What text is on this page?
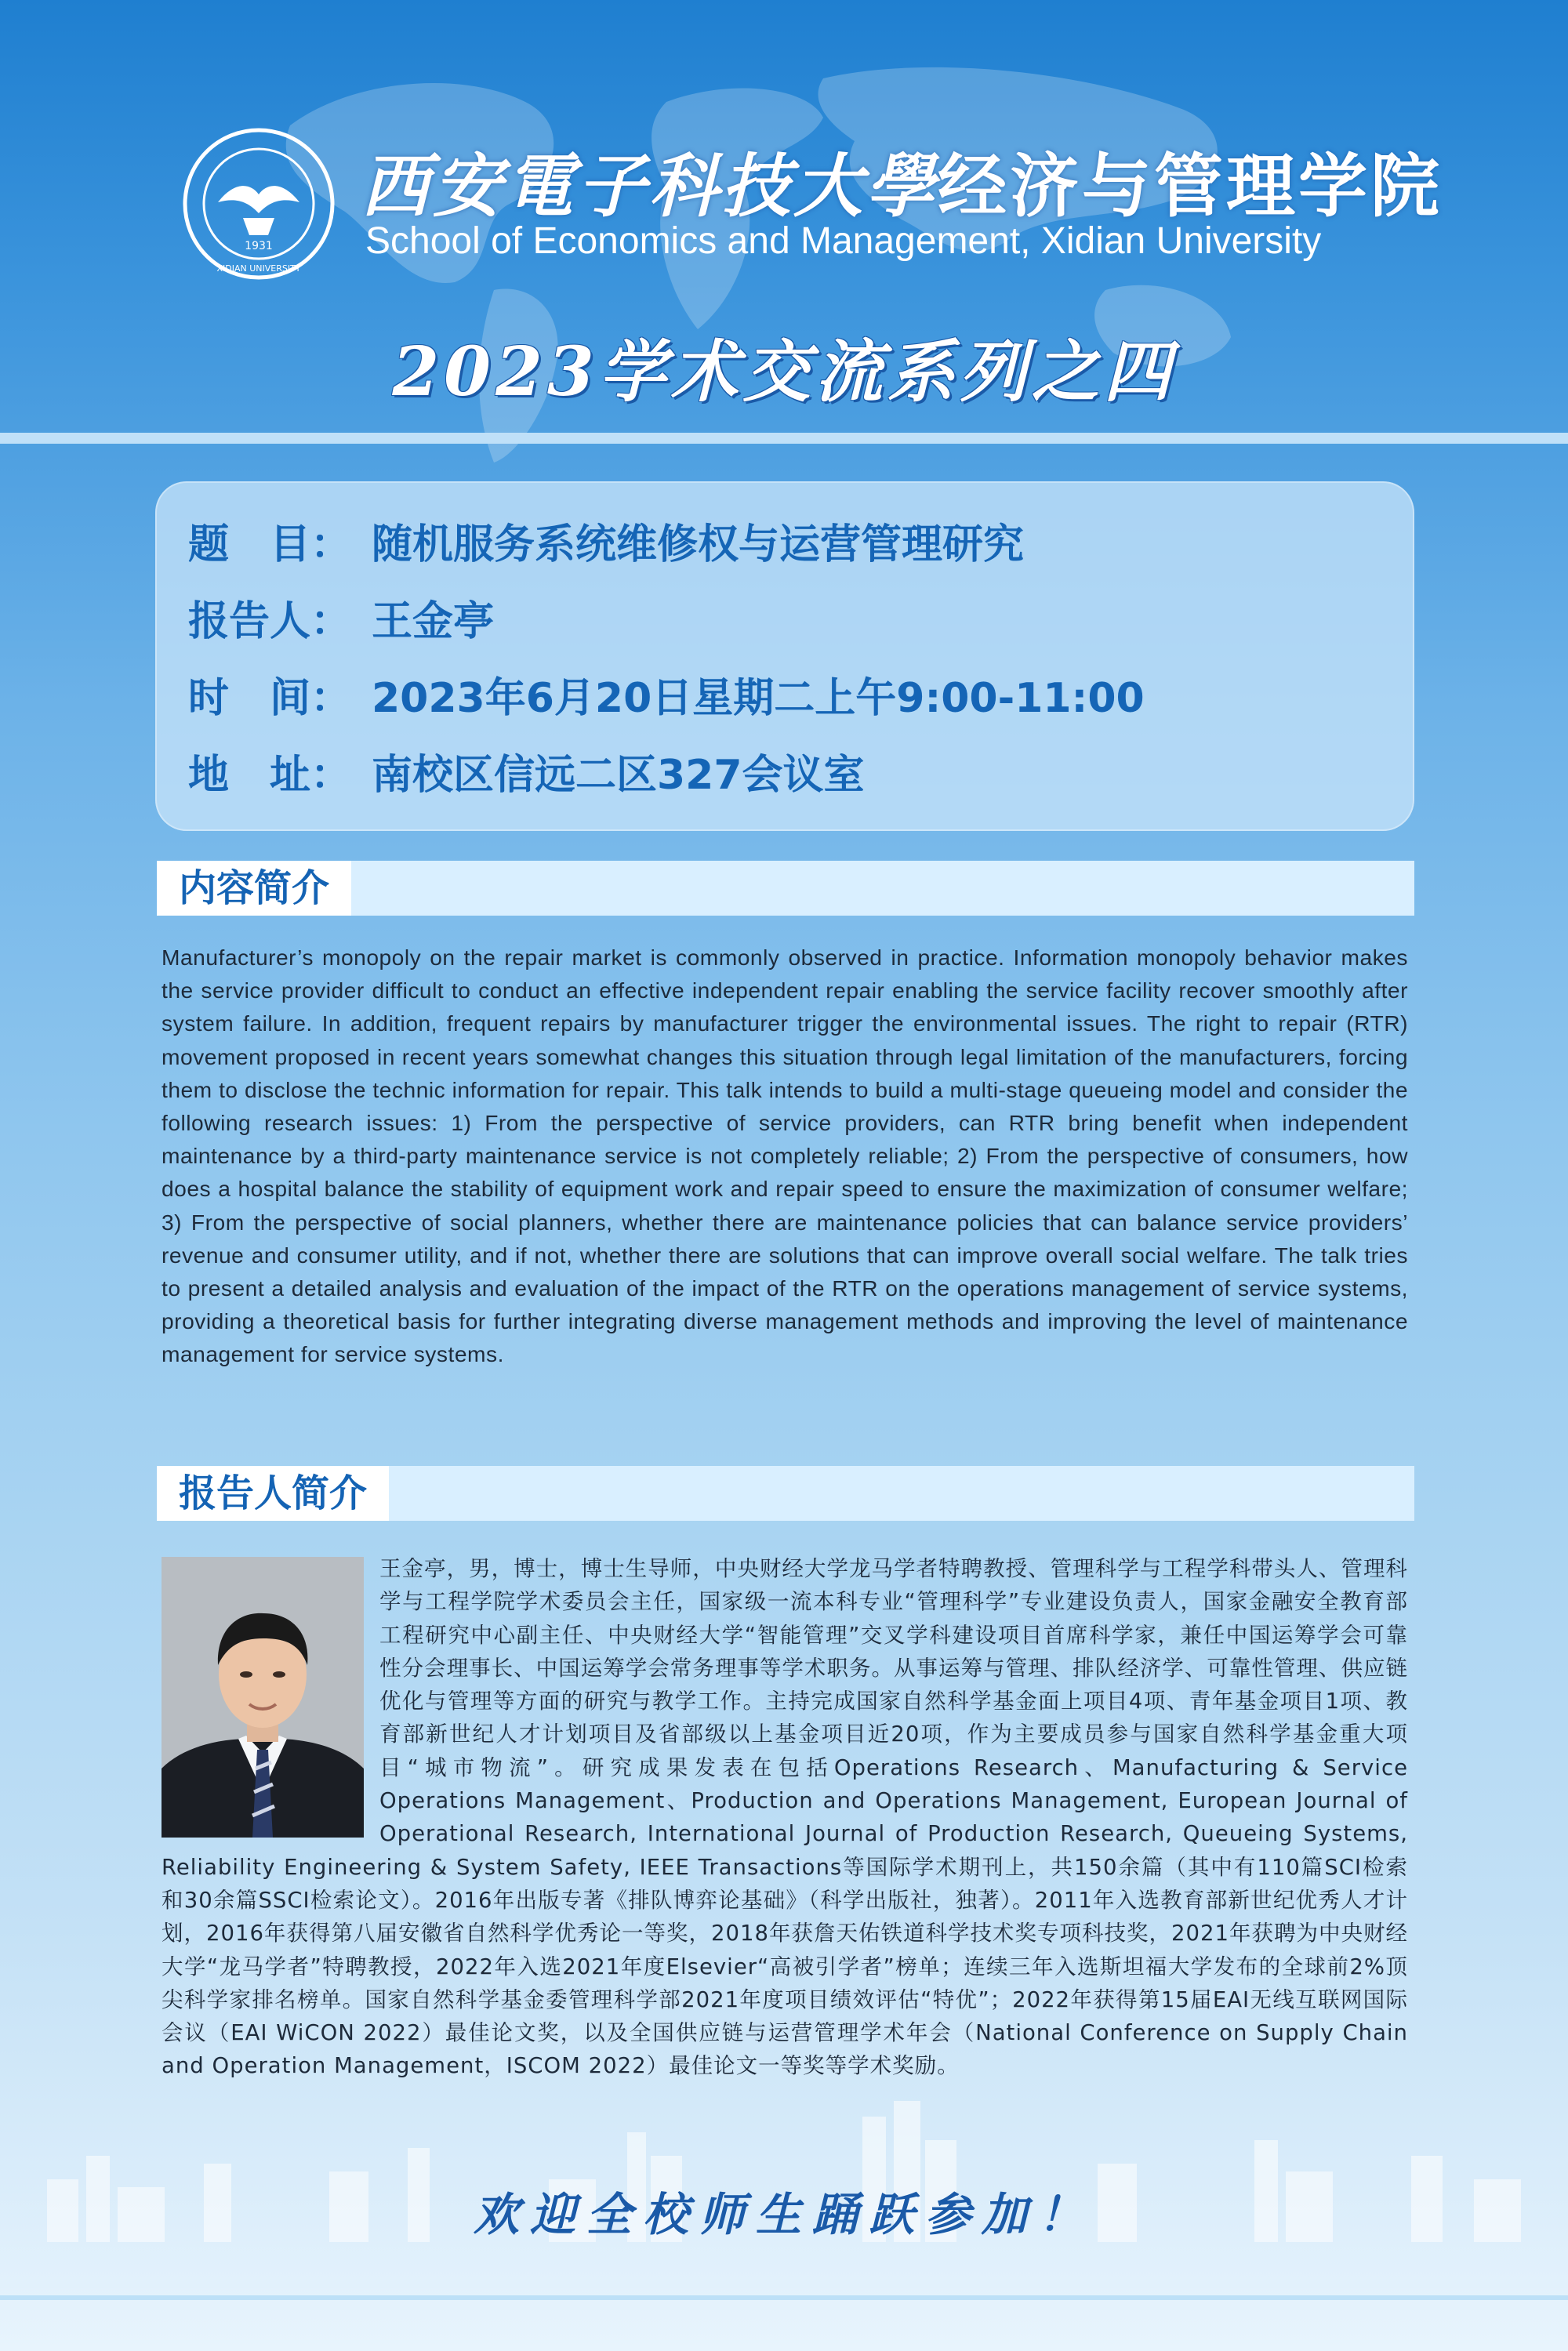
1931
XIDIAN UNIVERSITY
西安電子科技大學经济与管理学院
School of Economics and Management, Xidian University
2023学术交流系列之四
题　目： 随机服务系统维修权与运营管理研究
报告人： 王金亭
时　间： 2023年6月20日星期二上午9:00-11:00
地　址： 南校区信远二区327会议室
内容简介
Manufacturer’s monopoly on the repair market is commonly observed in practice. Information monopoly behavior makes the service provider difficult to conduct an effective independent repair enabling the service facility recover smoothly after system failure. In addition, frequent repairs by manufacturer trigger the environmental issues. The right to repair (RTR) movement proposed in recent years somewhat changes this situation through legal limitation of the manufacturers, forcing them to disclose the technic information for repair. This talk intends to build a multi-stage queueing model and consider the following research issues: 1) From the perspective of service providers, can RTR bring benefit when independent maintenance by a third-party maintenance service is not completely reliable; 2) From the perspective of consumers, how does a hospital balance the stability of equipment work and repair speed to ensure the maximization of consumer welfare; 3) From the perspective of social planners, whether there are maintenance policies that can balance service providers’ revenue and consumer utility, and if not, whether there are solutions that can improve overall social welfare. The talk tries to present a detailed analysis and evaluation of the impact of the RTR on the operations management of service systems, providing a theoretical basis for further integrating diverse management methods and improving the level of maintenance management for service systems.
报告人简介
王金亭，男，博士，博士生导师，中央财经大学龙马学者特聘教授、管理科学与工程学科带头人、管理科学与工程学院学术委员会主任，国家级一流本科专业“管理科学”专业建设负责人，国家金融安全教育部工程研究中心副主任、中央财经大学“智能管理”交叉学科建设项目首席科学家，兼任中国运筹学会可靠性分会理事长、中国运筹学会常务理事等学术职务。从事运筹与管理、排队经济学、可靠性管理、供应链优化与管理等方面的研究与教学工作。主持完成国家自然科学基金面上项目4项、青年基金项目1项、教育部新世纪人才计划项目及省部级以上基金项目近20项，作为主要成员参与国家自然科学基金重大项目“城市物流”。研究成果发表在包括Operations Research、Manufacturing & Service Operations Management、Production and Operations Management, European Journal of Operational Research, International Journal of Production Research, Queueing Systems, Reliability Engineering & System Safety, IEEE Transactions等国际学术期刊上，共150余篇（其中有110篇SCI检索和30余篇SSCI检索论文）。2016年出版专著《排队博弈论基础》（科学出版社，独著）。2011年入选教育部新世纪优秀人才计划，2016年获得第八届安徽省自然科学优秀论一等奖，2018年获詹天佑铁道科学技术奖专项科技奖，2021年获聘为中央财经大学“龙马学者”特聘教授，2022年入选2021年度Elsevier“高被引学者”榜单；连续三年入选斯坦福大学发布的全球前2%顶尖科学家排名榜单。国家自然科学基金委管理科学部2021年度项目绩效评估“特优”；2022年获得第15届EAI无线互联网国际会议（EAI WiCON 2022）最佳论文奖，以及全国供应链与运营管理学术年会（National Conference on Supply Chain and Operation Management，ISCOM 2022）最佳论文一等奖等学术奖励。
欢迎全校师生踊跃参加！
